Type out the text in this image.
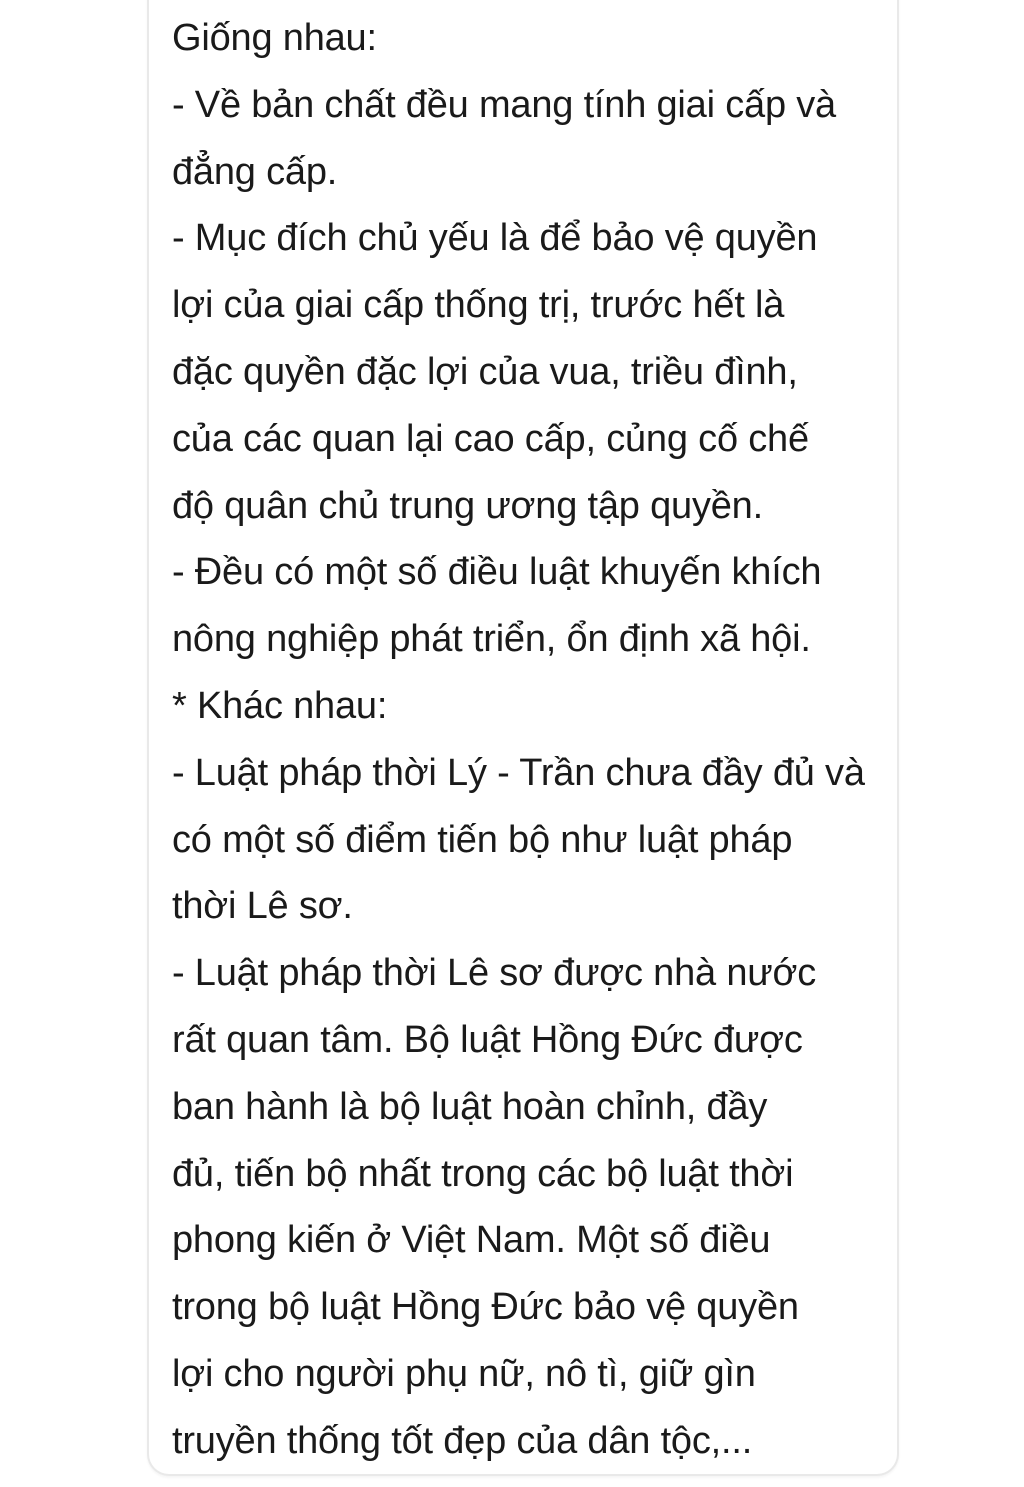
Giống nhau:
- Về bản chất đều mang tính giai cấp và
đẳng cấp.
- Mục đích chủ yếu là để bảo vệ quyền
lợi của giai cấp thống trị, trước hết là
đặc quyền đặc lợi của vua, triều đình,
của các quan lại cao cấp, củng cố chế
độ quân chủ trung ương tập quyền.
- Đều có một số điều luật khuyến khích
nông nghiệp phát triển, ổn định xã hội.
* Khác nhau:
- Luật pháp thời Lý - Trần chưa đầy đủ và
có một số điểm tiến bộ như luật pháp
thời Lê sơ.
- Luật pháp thời Lê sơ được nhà nước
rất quan tâm. Bộ luật Hồng Đức được
ban hành là bộ luật hoàn chỉnh, đầy
đủ, tiến bộ nhất trong các bộ luật thời
phong kiến ở Việt Nam. Một số điều
trong bộ luật Hồng Đức bảo vệ quyền
lợi cho người phụ nữ, nô tì, giữ gìn
truyền thống tốt đẹp của dân tộc,...
